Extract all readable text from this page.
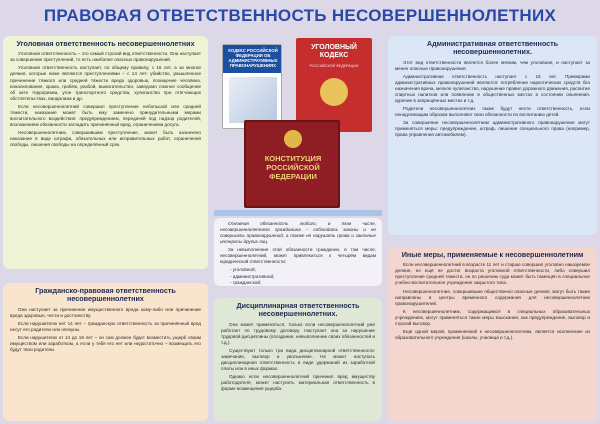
ПРАВОВАЯ ОТВЕТСТВЕННОСТЬ НЕСОВЕРШЕННОЛЕТНИХ
Уголовная ответственность несовершеннолетних

Уголовная ответственность – это самый строгий вид ответственности. Она наступает за совершение преступлений, то есть наиболее опасных правонарушений.

Уголовная ответственность наступает, по общему правилу, с 16 лет, а за многие деяния, которые ниже являются преступлениями – с 14 лет: убийство, умышленное причинение тяжкого или средней тяжести вреда здоровью, похищение человека, изнасилование, кража, грабёж, разбой, вымогательство, заведомо ложное сообщение об акте терроризма, угон транспортного средства, хулиганство при отягчающих обстоятельствах, вандализм и др.

Если несовершеннолетний совершил преступление небольшой или средней тяжести, наказание может быть ему заменено принудительными мерами воспитательного воздействия: предупреждением, передачей под надзор родителей, возложением обязанности загладить причинённый вред, ограничением досуга.

Несовершеннолетним, совершившим преступление, может быть назначено наказание в виде штрафа, обязательных или исправительных работ, ограничения свободы, лишения свободы на определённый срок.

Гражданско-правовая ответственность несовершеннолетних

Она наступает за причинение имущественного вреда кому-либо или причинение вреда здоровью, чести и достоинству.

Если нарушителю нет 14 лет – гражданскую ответственность за причинённый вред несут его родители или опекуны.

Если нарушителю от 14 до 18 лет – он сам должен будет возместить ущерб своим имуществом или заработком, а если у тебя его нет или недостаточно – возмещать его будут твои родители.

КОДЕКС РОССИЙСКОЙ ФЕДЕРАЦИИ ОБ АДМИНИСТРАТИВНЫХ ПРАВОНАРУШЕНИЯХ
УГОЛОВНЫЙ КОДЕКС
РОССИЙСКОЙ ФЕДЕРАЦИИ
КОНСТИТУЦИЯ РОССИЙСКОЙ ФЕДЕРАЦИИ

Основная обязанность любого, в том числе, несовершеннолетнего гражданина – соблюдать законы и не совершать правонарушений, а также не нарушать права и законные интересы других лиц.

За невыполнение этой обязанности гражданин, в том числе, несовершеннолетний, может привлекаться к четырём видам юридической ответственности:

- уголовной;
- административной;
- гражданской;

Дисциплинарная ответственность несовершеннолетних.

Она может применяться, только если несовершеннолетний уже работает по трудовому договору. Наступает она за нарушение трудовой дисциплины (опоздание, невыполнение своих обязанностей и т.д.).

Существуют только три вида дисциплинарной ответственности: замечание, выговор и увольнение. Не может наступать дисциплинарная ответственность в виде удержаний из заработной платы или в иных формах.

Однако если несовершеннолетний причинил вред имуществу работодателя, может наступить материальная ответственность в форме возмещения ущерба.

Административная ответственность несовершеннолетних.

Этот вид ответственности является более мягким, чем уголовная, и наступает за менее опасные правонарушения.

Административная ответственность наступает с 16 лет. Примерами административных правонарушений являются: потребление наркотических средств без назначения врача, мелкое хулиганство, нарушение правил дорожного движения, распитие спиртных напитков или появление в общественных местах в состоянии опьянения, курение в запрещённых местах и т.д.

Родители несовершеннолетних также будут нести ответственность, если ненадлежащим образом выполняют свои обязанности по воспитанию детей.

За совершение несовершеннолетним административного правонарушения могут применяться меры: предупреждение, штраф, лишение специального права (например, права управления автомобилем).

Иные меры, применяемые к несовершеннолетним

Если несовершеннолетний в возрасте 11 лет и старше совершил уголовно наказуемое деяние, но ещё не достиг возраста уголовной ответственности, либо совершил преступление средней тяжести, он по решению суда может быть помещён в специальное учебно-воспитательное учреждение закрытого типа.

Несовершеннолетние, совершившие общественно опасные деяния, могут быть также направлены в центры временного содержания для несовершеннолетних правонарушителей.

К несовершеннолетним, содержащимся в специальных образовательных учреждениях, могут применяться такие меры взыскания, как предупреждение, выговор и строгий выговор.

Ещё одной мерой, применяемой к несовершеннолетним, является исключение из образовательного учреждения (школы, училища и т.д.).
